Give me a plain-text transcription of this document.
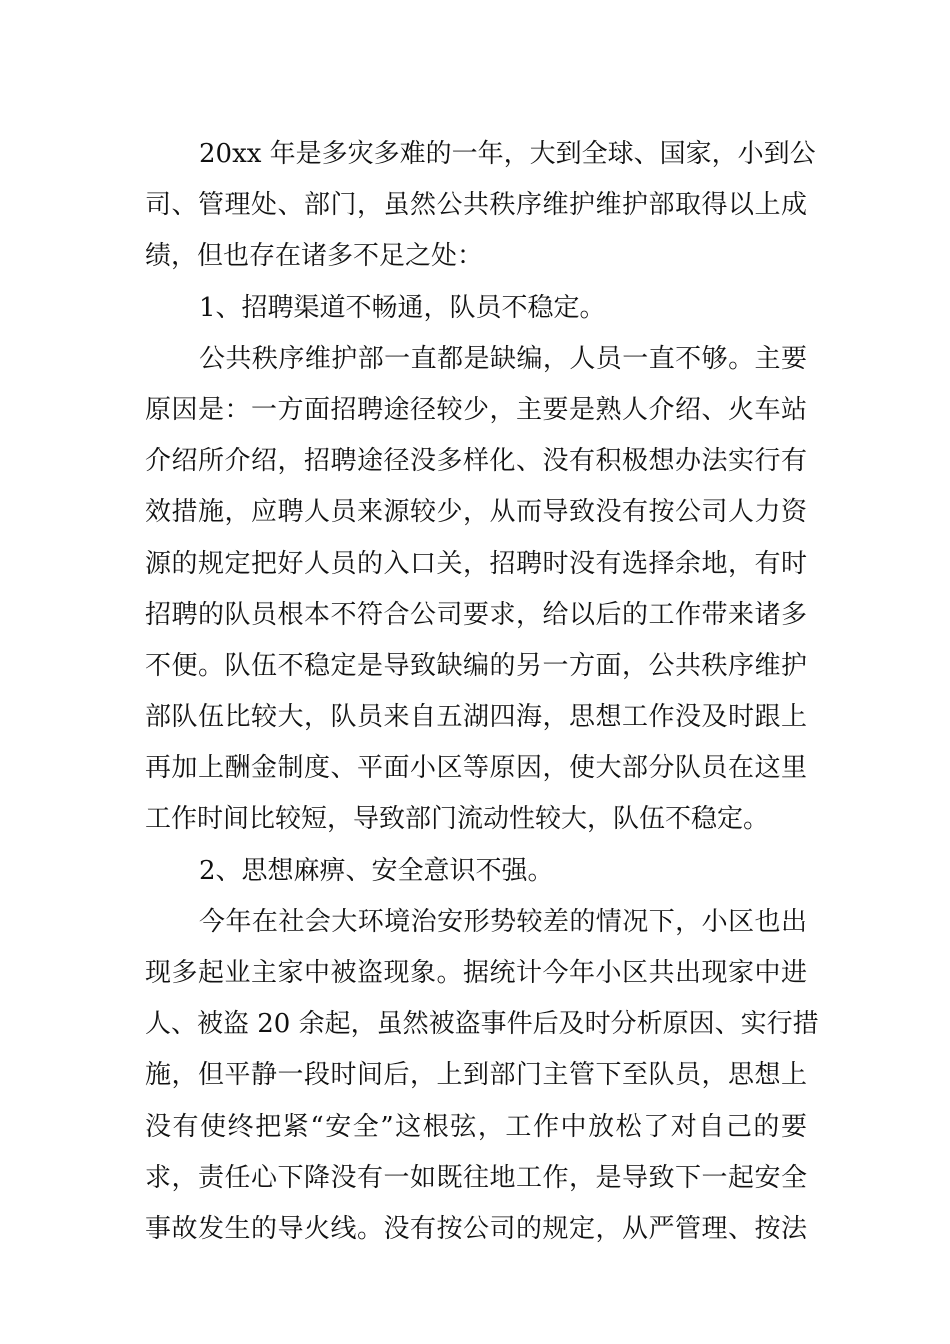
20xx 年是多灾多难的一年，大到全球、国家，小到公
司、管理处、部门，虽然公共秩序维护维护部取得以上成
绩，但也存在诸多不足之处：
1、招聘渠道不畅通，队员不稳定。
公共秩序维护部一直都是缺编，人员一直不够。主要
原因是：一方面招聘途径较少，主要是熟人介绍、火车站
介绍所介绍，招聘途径没多样化、没有积极想办法实行有
效措施，应聘人员来源较少，从而导致没有按公司人力资
源的规定把好人员的入口关，招聘时没有选择余地，有时
招聘的队员根本不符合公司要求，给以后的工作带来诸多
不便。队伍不稳定是导致缺编的另一方面，公共秩序维护
部队伍比较大，队员来自五湖四海，思想工作没及时跟上
再加上酬金制度、平面小区等原因，使大部分队员在这里
工作时间比较短，导致部门流动性较大，队伍不稳定。
2、思想麻痹、安全意识不强。
今年在社会大环境治安形势较差的情况下，小区也出
现多起业主家中被盗现象。据统计今年小区共出现家中进
人、被盗 20 余起，虽然被盗事件后及时分析原因、实行措
施，但平静一段时间后，上到部门主管下至队员，思想上
没有使终把紧“安全”这根弦，工作中放松了对自己的要
求，责任心下降没有一如既往地工作，是导致下一起安全
事故发生的导火线。没有按公司的规定，从严管理、按法
